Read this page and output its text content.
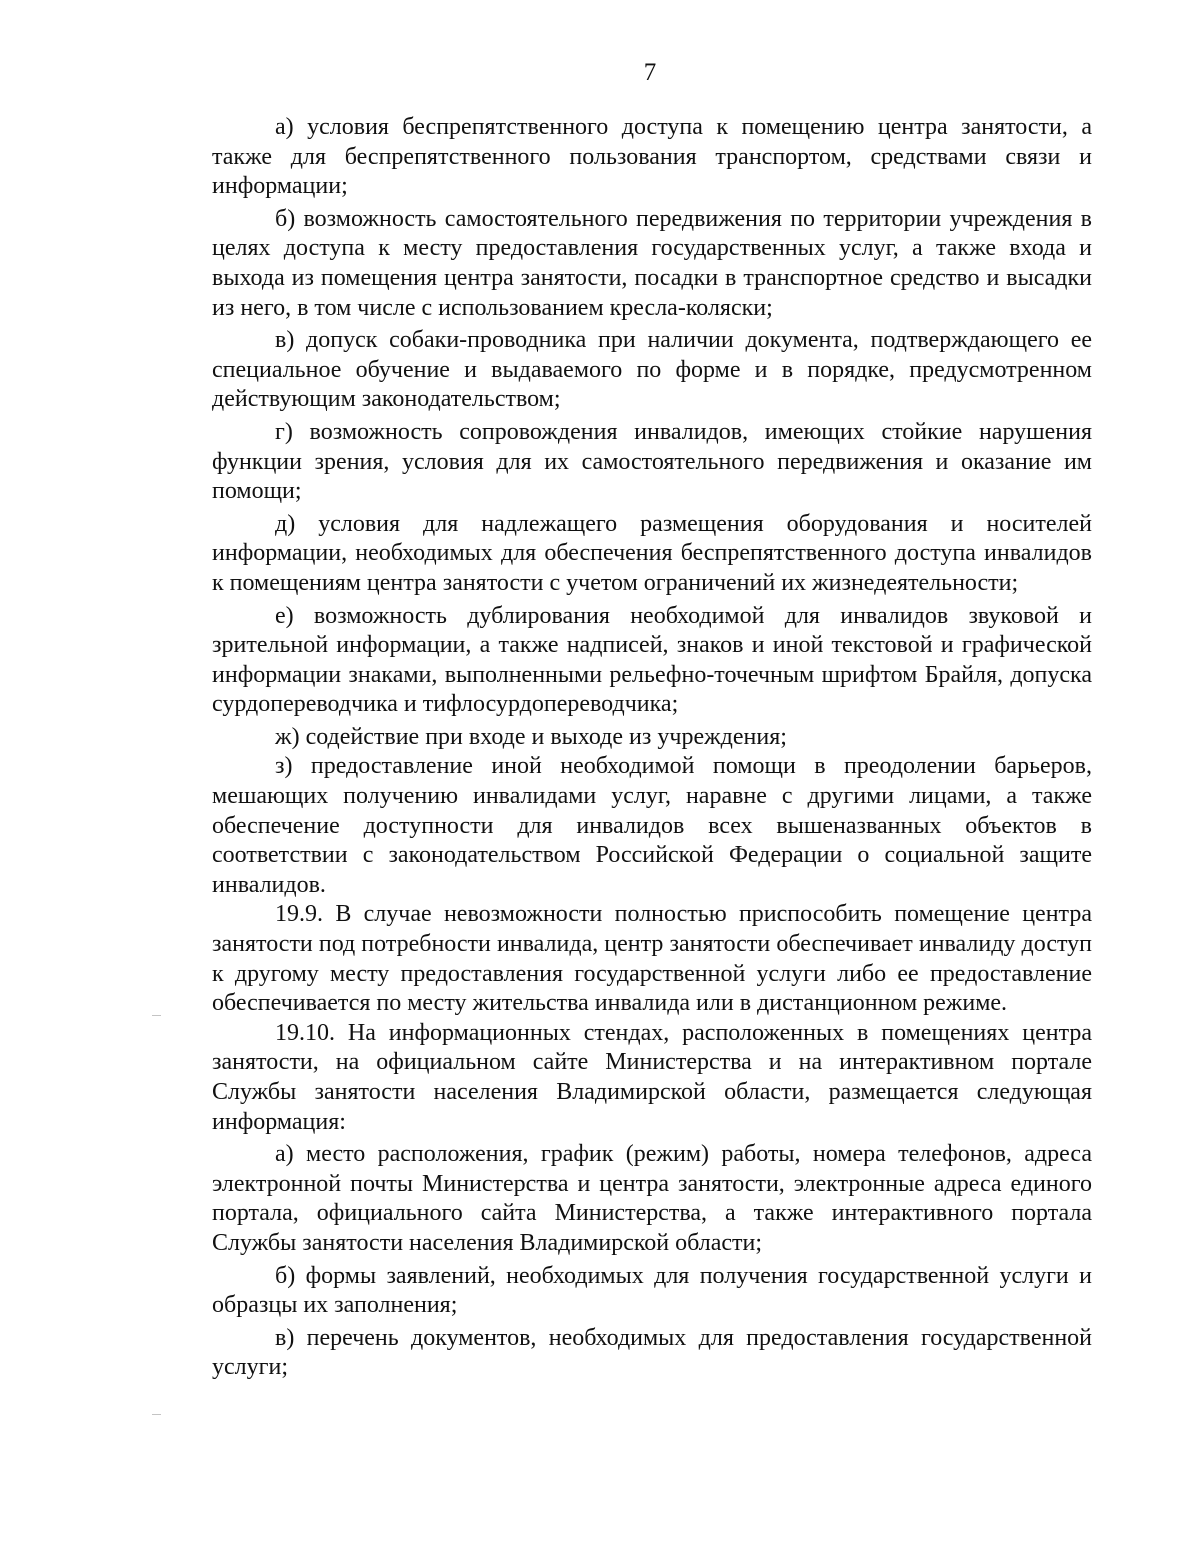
7

а) условия беспрепятственного доступа к помещению центра занятости, а также для беспрепятственного пользования транспортом, средствами связи и информации;

б) возможность самостоятельного передвижения по территории учреждения в целях доступа к месту предоставления государственных услуг, а также входа и выхода из помещения центра занятости, посадки в транспортное средство и высадки из него, в том числе с использованием кресла-коляски;

в) допуск собаки-проводника при наличии документа, подтверждающего ее специальное обучение и выдаваемого по форме и в порядке, предусмотренном действующим законодательством;

г) возможность сопровождения инвалидов, имеющих стойкие нарушения функции зрения, условия для их самостоятельного передвижения и оказание им помощи;

д) условия для надлежащего размещения оборудования и носителей информации, необходимых для обеспечения беспрепятственного доступа инвалидов к помещениям центра занятости с учетом ограничений их жизнедеятельности;

е) возможность дублирования необходимой для инвалидов звуковой и зрительной информации, а также надписей, знаков и иной текстовой и графической информации знаками, выполненными рельефно-точечным шрифтом Брайля, допуска сурдопереводчика и тифлосурдопереводчика;

ж) содействие при входе и выходе из учреждения;

з) предоставление иной необходимой помощи в преодолении барьеров, мешающих получению инвалидами услуг, наравне с другими лицами, а также обеспечение доступности для инвалидов всех вышеназванных объектов в соответствии с законодательством Российской Федерации о социальной защите инвалидов.

19.9. В случае невозможности полностью приспособить помещение центра занятости под потребности инвалида, центр занятости обеспечивает инвалиду доступ к другому месту предоставления государственной услуги либо ее предоставление обеспечивается по месту жительства инвалида или в дистанционном режиме.

19.10. На информационных стендах, расположенных в помещениях центра занятости, на официальном сайте Министерства и на интерактивном портале Службы занятости населения Владимирской области, размещается следующая информация:

а) место расположения, график (режим) работы, номера телефонов, адреса электронной почты Министерства и центра занятости, электронные адреса единого портала, официального сайта Министерства, а также интерактивного портала Службы занятости населения Владимирской области;

б) формы заявлений, необходимых для получения государственной услуги и образцы их заполнения;

в) перечень документов, необходимых для предоставления государственной услуги;
